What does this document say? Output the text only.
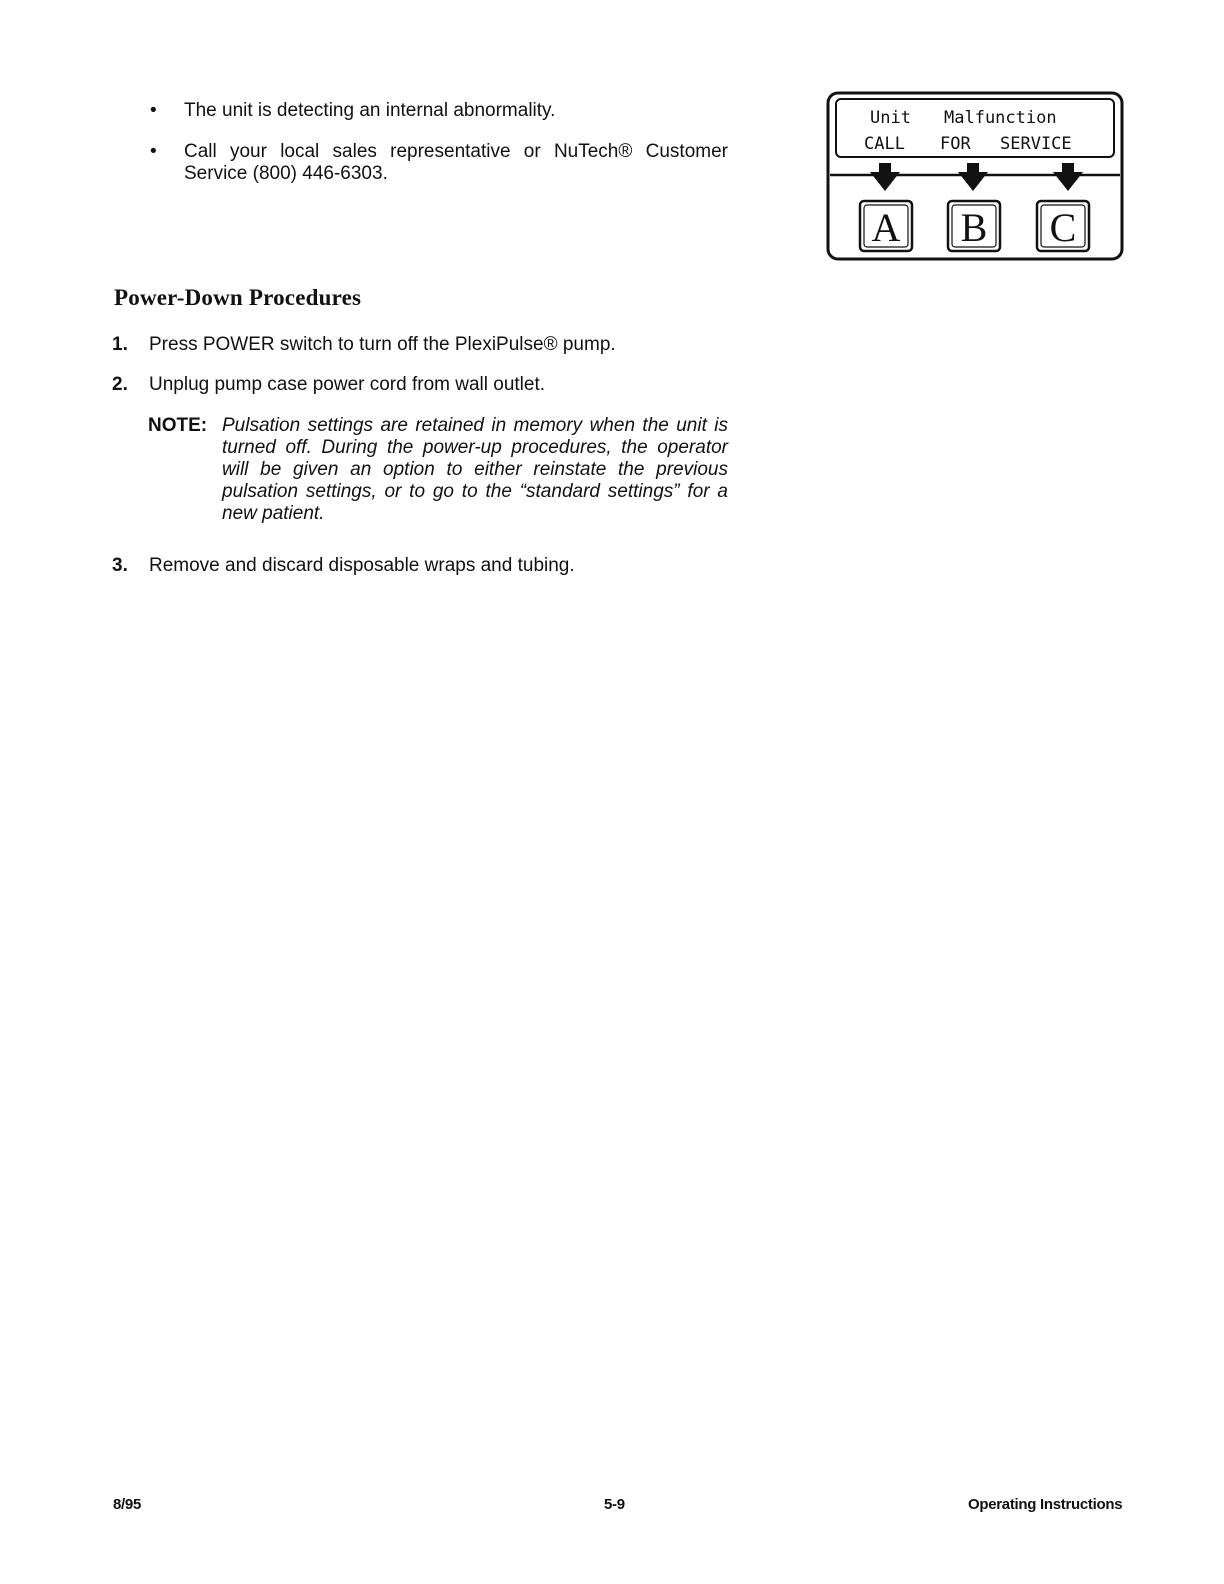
• The unit is detecting an internal abnormality.
• Call your local sales representative or NuTech® Customer Service (800) 446-6303.
Unit Malfunction
CALL FOR SERVICE
A B C
Power-Down Procedures
1. Press POWER switch to turn off the PlexiPulse® pump.
2. Unplug pump case power cord from wall outlet.
NOTE: Pulsation settings are retained in memory when the unit is turned off. During the power-up procedures, the operator will be given an option to either reinstate the previous pulsation settings, or to go to the “standard settings” for a new patient.
3. Remove and discard disposable wraps and tubing.
8/95	5-9	Operating Instructions
